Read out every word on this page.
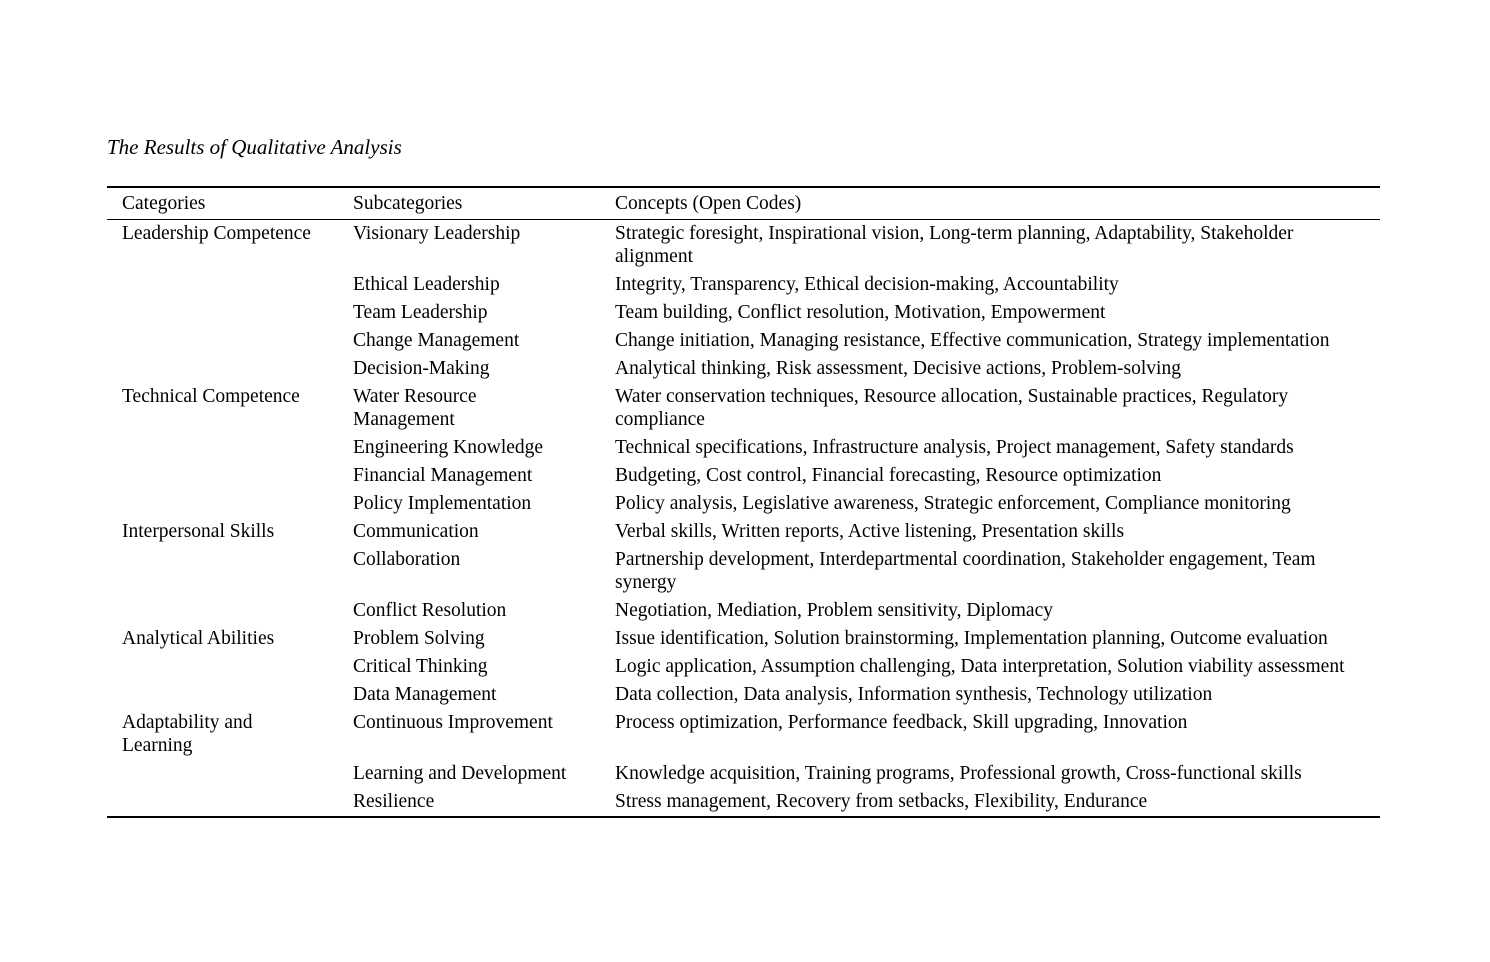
The Results of Qualitative Analysis
Categories	Subcategories	Concepts (Open Codes)
Leadership Competence	Visionary Leadership	Strategic foresight, Inspirational vision, Long-term planning, Adaptability, Stakeholder alignment
	Ethical Leadership	Integrity, Transparency, Ethical decision-making, Accountability
	Team Leadership	Team building, Conflict resolution, Motivation, Empowerment
	Change Management	Change initiation, Managing resistance, Effective communication, Strategy implementation
	Decision-Making	Analytical thinking, Risk assessment, Decisive actions, Problem-solving
Technical Competence	Water Resource Management	Water conservation techniques, Resource allocation, Sustainable practices, Regulatory compliance
	Engineering Knowledge	Technical specifications, Infrastructure analysis, Project management, Safety standards
	Financial Management	Budgeting, Cost control, Financial forecasting, Resource optimization
	Policy Implementation	Policy analysis, Legislative awareness, Strategic enforcement, Compliance monitoring
Interpersonal Skills	Communication	Verbal skills, Written reports, Active listening, Presentation skills
	Collaboration	Partnership development, Interdepartmental coordination, Stakeholder engagement, Team synergy
	Conflict Resolution	Negotiation, Mediation, Problem sensitivity, Diplomacy
Analytical Abilities	Problem Solving	Issue identification, Solution brainstorming, Implementation planning, Outcome evaluation
	Critical Thinking	Logic application, Assumption challenging, Data interpretation, Solution viability assessment
	Data Management	Data collection, Data analysis, Information synthesis, Technology utilization
Adaptability and Learning	Continuous Improvement	Process optimization, Performance feedback, Skill upgrading, Innovation
	Learning and Development	Knowledge acquisition, Training programs, Professional growth, Cross-functional skills
	Resilience	Stress management, Recovery from setbacks, Flexibility, Endurance
